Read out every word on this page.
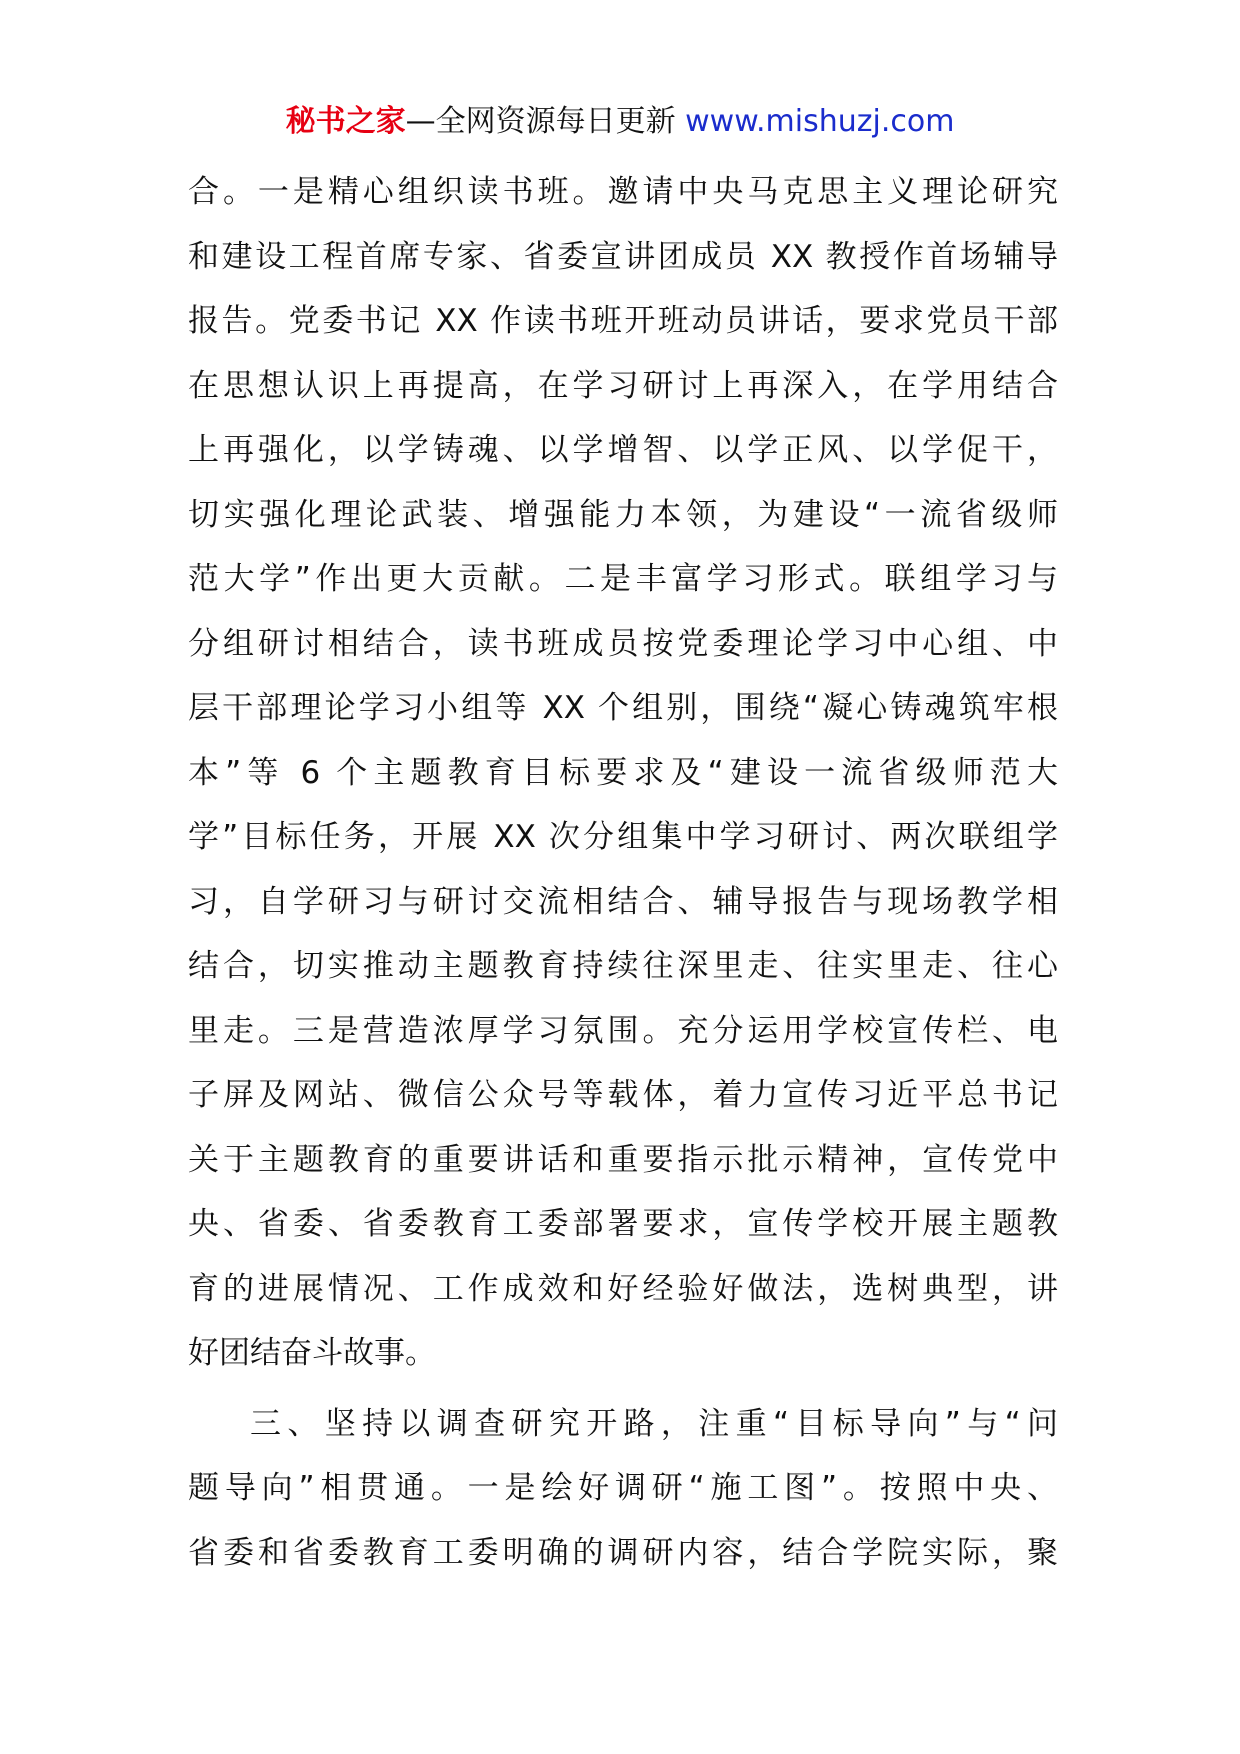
秘书之家—全网资源每日更新 www.mishuzj.com
合。一是精心组织读书班。邀请中央马克思主义理论研究
和建设工程首席专家、省委宣讲团成员 XX 教授作首场辅导
报告。党委书记 XX 作读书班开班动员讲话，要求党员干部
在思想认识上再提高，在学习研讨上再深入，在学用结合
上再强化，以学铸魂、以学增智、以学正风、以学促干，
切实强化理论武装、增强能力本领，为建设“一流省级师
范大学”作出更大贡献。二是丰富学习形式。联组学习与
分组研讨相结合，读书班成员按党委理论学习中心组、中
层干部理论学习小组等 XX 个组别，围绕“凝心铸魂筑牢根
本”等 6 个主题教育目标要求及“建设一流省级师范大
学”目标任务，开展 XX 次分组集中学习研讨、两次联组学
习，自学研习与研讨交流相结合、辅导报告与现场教学相
结合，切实推动主题教育持续往深里走、往实里走、往心
里走。三是营造浓厚学习氛围。充分运用学校宣传栏、电
子屏及网站、微信公众号等载体，着力宣传习近平总书记
关于主题教育的重要讲话和重要指示批示精神，宣传党中
央、省委、省委教育工委部署要求，宣传学校开展主题教
育的进展情况、工作成效和好经验好做法，选树典型，讲
好团结奋斗故事。
三、坚持以调查研究开路，注重“目标导向”与“问
题导向”相贯通。一是绘好调研“施工图”。按照中央、
省委和省委教育工委明确的调研内容，结合学院实际，聚
